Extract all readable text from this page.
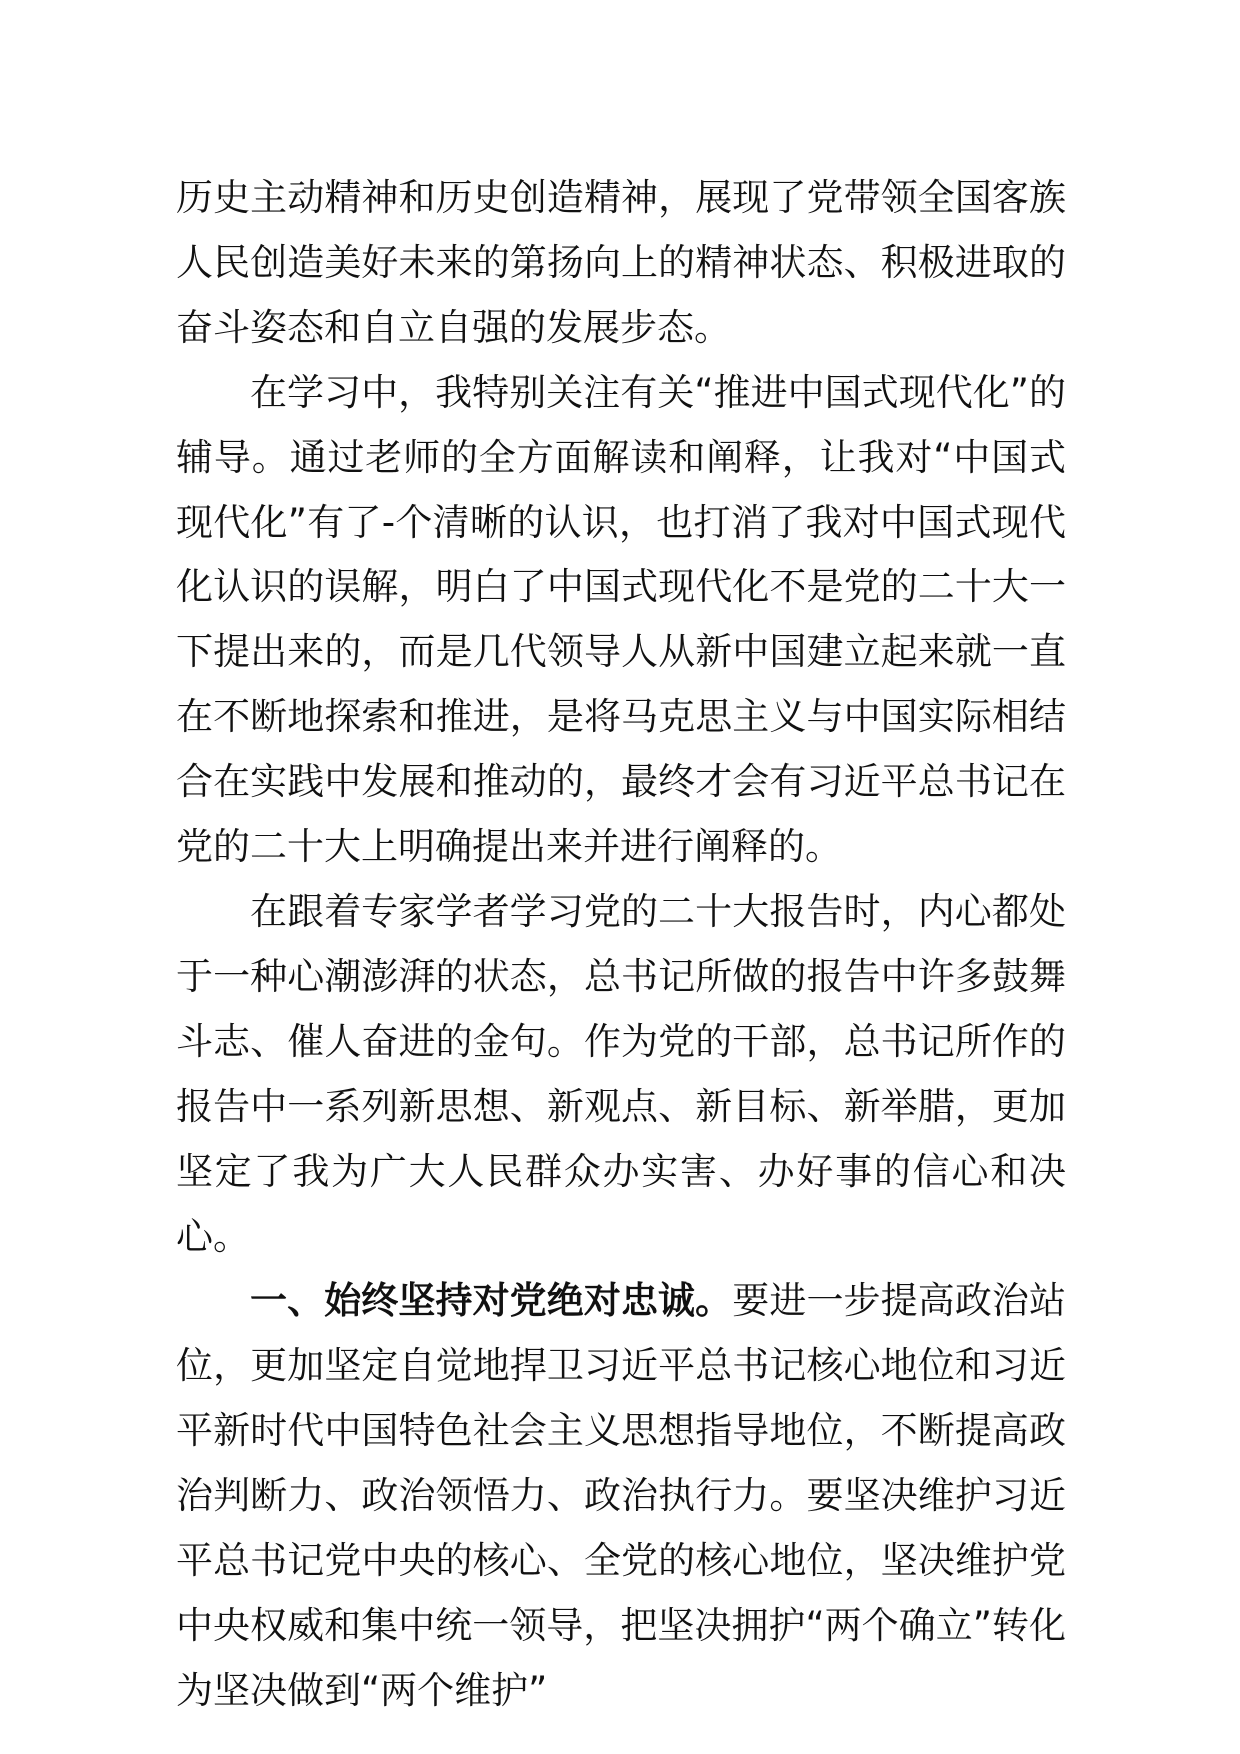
历史主动精神和历史创造精神，展现了党带领全国客族人民创造美好未来的第扬向上的精神状态、积极进取的奋斗姿态和自立自强的发展步态。

在学习中，我特别关注有关“推进中国式现代化”的辅导。通过老师的全方面解读和阐释，让我对“中国式现代化”有了-个清晰的认识，也打消了我对中国式现代化认识的误解，明白了中国式现代化不是党的二十大一下提出来的，而是几代领导人从新中国建立起来就一直在不断地探索和推进，是将马克思主义与中国实际相结合在实践中发展和推动的，最终才会有习近平总书记在党的二十大上明确提出来并进行阐释的。

在跟着专家学者学习党的二十大报告时，内心都处于一种心潮澎湃的状态，总书记所做的报告中许多鼓舞斗志、催人奋进的金句。作为党的干部，总书记所作的报告中一系列新思想、新观点、新目标、新举腊，更加坚定了我为广大人民群众办实害、办好事的信心和决心。

一、始终坚持对党绝对忠诚。要进一步提高政治站位，更加坚定自觉地捍卫习近平总书记核心地位和习近平新时代中国特色社会主义思想指导地位，不断提高政治判断力、政治领悟力、政治执行力。要坚决维护习近平总书记党中央的核心、全党的核心地位，坚决维护党中央权威和集中统一领导，把坚决拥护“两个确立”转化为坚决做到“两个维护”
